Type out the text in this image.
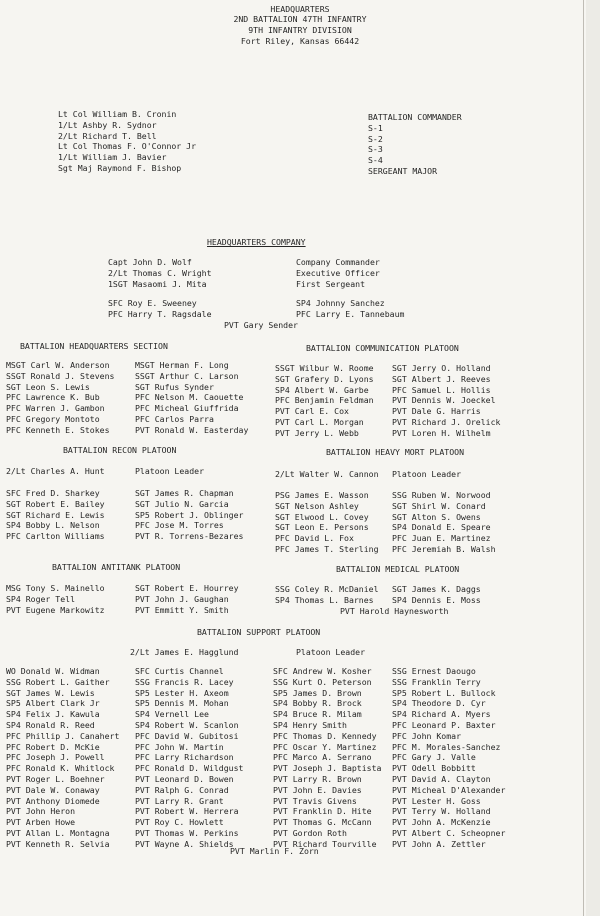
HEADQUARTERS
2ND BATTALION 47TH INFANTRY
9TH INFANTRY DIVISION
Fort Riley, Kansas 66442
Lt Col William B. Cronin
1/Lt Ashby R. Sydnor
2/Lt Richard T. Bell
Lt Col Thomas F. O'Connor Jr
1/Lt William J. Bavier
Sgt Maj Raymond F. Bishop
BATTALION COMMANDER
S-1
S-2
S-3
S-4
SERGEANT MAJOR
HEADQUARTERS COMPANY
Capt John D. Wolf
2/Lt Thomas C. Wright
1SGT Masaomi J. Mita
Company Commander
Executive Officer
First Sergeant
SFC Roy E. Sweeney
PFC Harry T. Ragsdale
SP4 Johnny Sanchez
PFC Larry E. Tannebaum
PVT Gary Sender
BATTALION HEADQUARTERS SECTION
MSGT Carl W. Anderson
SSGT Ronald J. Stevens
SGT Leon S. Lewis
PFC Lawrence K. Bub
PFC Warren J. Gambon
PFC Gregory Montoto
PFC Kenneth E. Stokes
MSGT Herman F. Long
SSGT Arthur C. Larson
SGT Rufus Synder
PFC Nelson M. Caouette
PFC Micheal Giuffrida
PFC Carlos Parra
PVT Ronald W. Easterday
BATTALION COMMUNICATION PLATOON
SSGT Wilbur W. Roome
SGT Grafery D. Lyons
SP4 Albert W. Garbe
PFC Benjamin Feldman
PVT Carl E. Cox
PVT Carl L. Morgan
PVT Jerry L. Webb
SGT Jerry O. Holland
SGT Albert J. Reeves
PFC Samuel L. Hollis
PVT Dennis W. Joeckel
PVT Dale G. Harris
PVT Richard J. Orelick
PVT Loren H. Wilhelm
BATTALION RECON PLATOON
2/Lt Charles A. Hunt	Platoon Leader
SFC Fred D. Sharkey
SGT Robert E. Bailey
SGT Richard E. Lewis
SP4 Bobby L. Nelson
PFC Carlton Williams
SGT James R. Chapman
SGT Julio N. Garcia
SP5 Robert J. Oblinger
PFC Jose M. Torres
PVT R. Torrens-Bezares
BATTALION HEAVY MORT PLATOON
2/Lt Walter W. Cannon Platoon Leader
PSG James E. Wasson
SGT Nelson Ashley
SGT Elwood L. Covey
SGT Leon E. Persons
PFC David L. Fox
PFC James T. Sterling
SSG Ruben W. Norwood
SGT Shirl W. Conard
SGT Alton S. Owens
SP4 Donald E. Speare
PFC Juan E. Martinez
PFC Jeremiah B. Walsh
BATTALION ANTITANK PLATOON
MSG Tony S. Mainello
SP4 Roger Tell
PVT Eugene Markowitz
SGT Robert E. Hourrey
PVT John J. Gaughan
PVT Emmitt Y. Smith
BATTALION MEDICAL PLATOON
SSG Coley R. McDaniel
SP4 Thomas L. Barnes
SGT James K. Daggs
SP4 Dennis E. Moss
PVT Harold Haynesworth
BATTALION SUPPORT PLATOON
2/Lt James E. Hagglund	Platoon Leader
WO Donald W. Widman
SSG Robert L. Gaither
SGT James W. Lewis
SP5 Albert Clark Jr
SP4 Felix J. Kawula
SP4 Ronald R. Reed
PFC Phillip J. Canahert
PFC Robert D. McKie
PFC Joseph J. Powell
PFC Ronald K. Whitlock
PVT Roger L. Boehner
PVT Dale W. Conaway
PVT Anthony Diomede
PVT John Heron
PVT Arben Howe
PVT Allan L. Montagna
PVT Kenneth R. Selvia
SFC Curtis Channel
SSG Francis R. Lacey
SP5 Lester H. Axeom
SP5 Dennis M. Mohan
SP4 Vernell Lee
SP4 Robert W. Scanlon
PFC David W. Gubitosi
PFC John W. Martin
PFC Larry Richardson
PFC Ronald D. Wildgust
PVT Leonard D. Bowen
PVT Ralph G. Conrad
PVT Larry R. Grant
PVT Robert W. Herrera
PVT Roy C. Howlett
PVT Thomas W. Perkins
PVT Wayne A. Shields
SFC Andrew W. Kosher
SSG Kurt O. Peterson
SP5 James D. Brown
SP4 Bobby R. Brock
SP4 Bruce R. Milam
SP4 Henry Smith
PFC Thomas D. Kennedy
PFC Oscar Y. Martinez
PFC Marco A. Serrano
PVT Joseph J. Baptista
PVT Larry R. Brown
PVT John E. Davies
PVT Travis Givens
PVT Franklin D. Hite
PVT Thomas G. McCann
PVT Gordon Roth
PVT Richard Tourville
SSG Ernest Daougo
SSG Franklin Terry
SP5 Robert L. Bullock
SP4 Theodore D. Cyr
SP4 Richard A. Myers
PFC Leonard P. Baxter
PFC John Komar
PFC M. Morales-Sanchez
PFC Gary J. Valle
PVT Odell Bobbitt
PVT David A. Clayton
PVT Micheal D'Alexander
PVT Lester H. Goss
PVT Terry W. Holland
PVT John A. McKenzie
PVT Albert C. Scheopner
PVT John A. Zettler
PVT Marlin F. Zorn
